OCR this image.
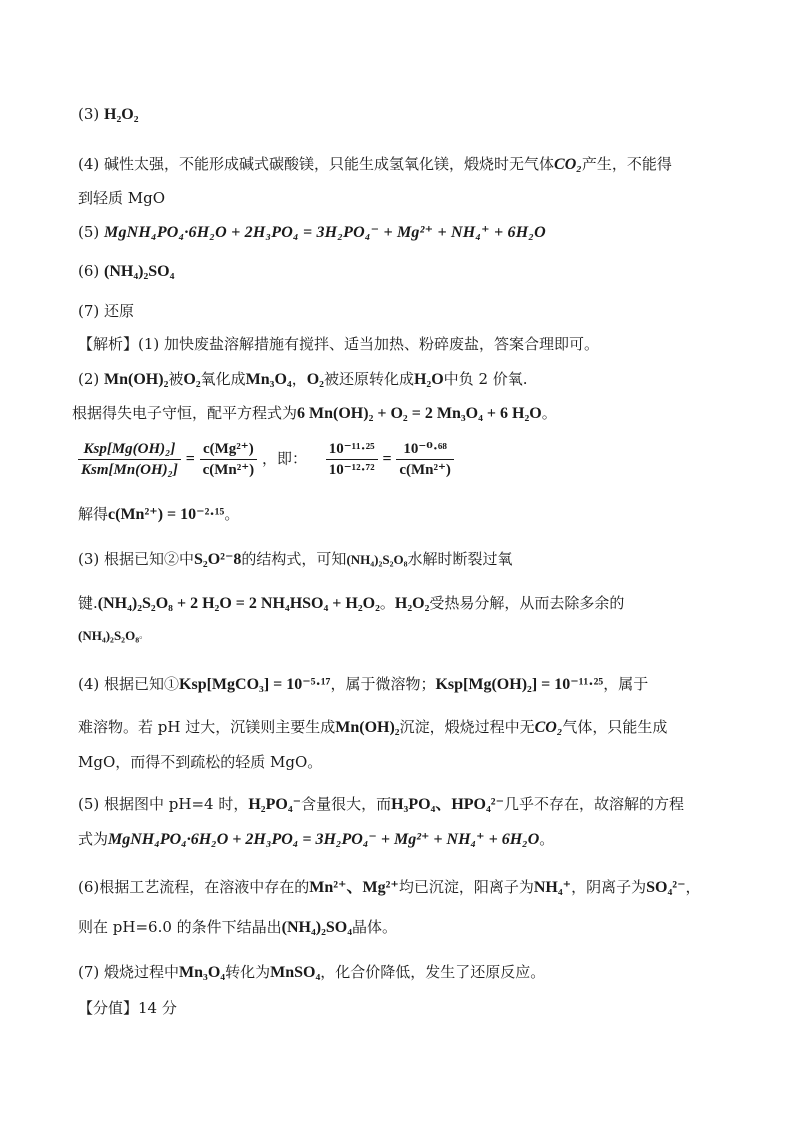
(3) H₂O₂
(4) 碱性太强，不能形成碱式碳酸镁，只能生成氢氧化镁，煅烧时无气体CO₂产生，不能得
到轻质 MgO
(5) MgNH₄PO₄·6H₂O + 2H₃PO₄ = 3H₂PO₄⁻ + Mg²⁺ + NH₄⁺ + 6H₂O
(6) (NH₄)₂SO₄
(7) 还原
【解析】(1) 加快废盐溶解措施有搅拌、适当加热、粉碎废盐，答案合理即可。
(2) Mn(OH)₂被O₂氧化成Mn₃O₄，O₂被还原转化成H₂O中负 2 价氧.
根据得失电子守恒，配平方程式为6 Mn(OH)₂ + O₂ = 2 Mn₃O₄ + 6 H₂O。
$\frac{\text{Ksp[Mg(OH)₂]}}{\text{Ksm[Mn(OH)₂]}} = \frac{\text{c(Mg²⁺)}}{\text{c(Mn²⁺)}}$ ，即： $\frac{\text{10⁻¹¹·²⁵}}{\text{10⁻¹²·⁷²}} = \frac{\text{10⁻⁰·⁶⁸}}{\text{c(Mn²⁺)}}$
解得c(Mn²⁺) = 10⁻²·¹⁵。
(3) 根据已知②中S₂O²⁻8的结构式，可知(NH₄)₂S₂O₈水解时断裂过氧
键.(NH₄)₂S₂O₈ + 2 H₂O = 2 NH₄HSO₄ + H₂O₂。H₂O₂受热易分解，从而去除多余的
(NH₄)₂S₂O₈。
(4) 根据已知①Ksp[MgCO₃] = 10⁻⁵·¹⁷，属于微溶物；Ksp[Mg(OH)₂] = 10⁻¹¹·²⁵，属于
难溶物。若 pH 过大，沉镁则主要生成Mn(OH)₂沉淀，煅烧过程中无CO₂气体，只能生成
MgO，而得不到疏松的轻质 MgO。
(5) 根据图中 pH=4 时，H₂PO₄⁻含量很大，而H₃PO₄、HPO₄²⁻几乎不存在，故溶解的方程
式为MgNH₄PO₄·6H₂O + 2H₃PO₄ = 3H₂PO₄⁻ + Mg²⁺ + NH₄⁺ + 6H₂O。
(6)根据工艺流程，在溶液中存在的Mn²⁺、Mg²⁺均已沉淀，阳离子为NH₄⁺，阴离子为SO₄²⁻，
则在 pH=6.0 的条件下结晶出(NH₄)₂SO₄晶体。
(7) 煅烧过程中Mn₃O₄转化为MnSO₄，化合价降低，发生了还原反应。
【分值】14 分
